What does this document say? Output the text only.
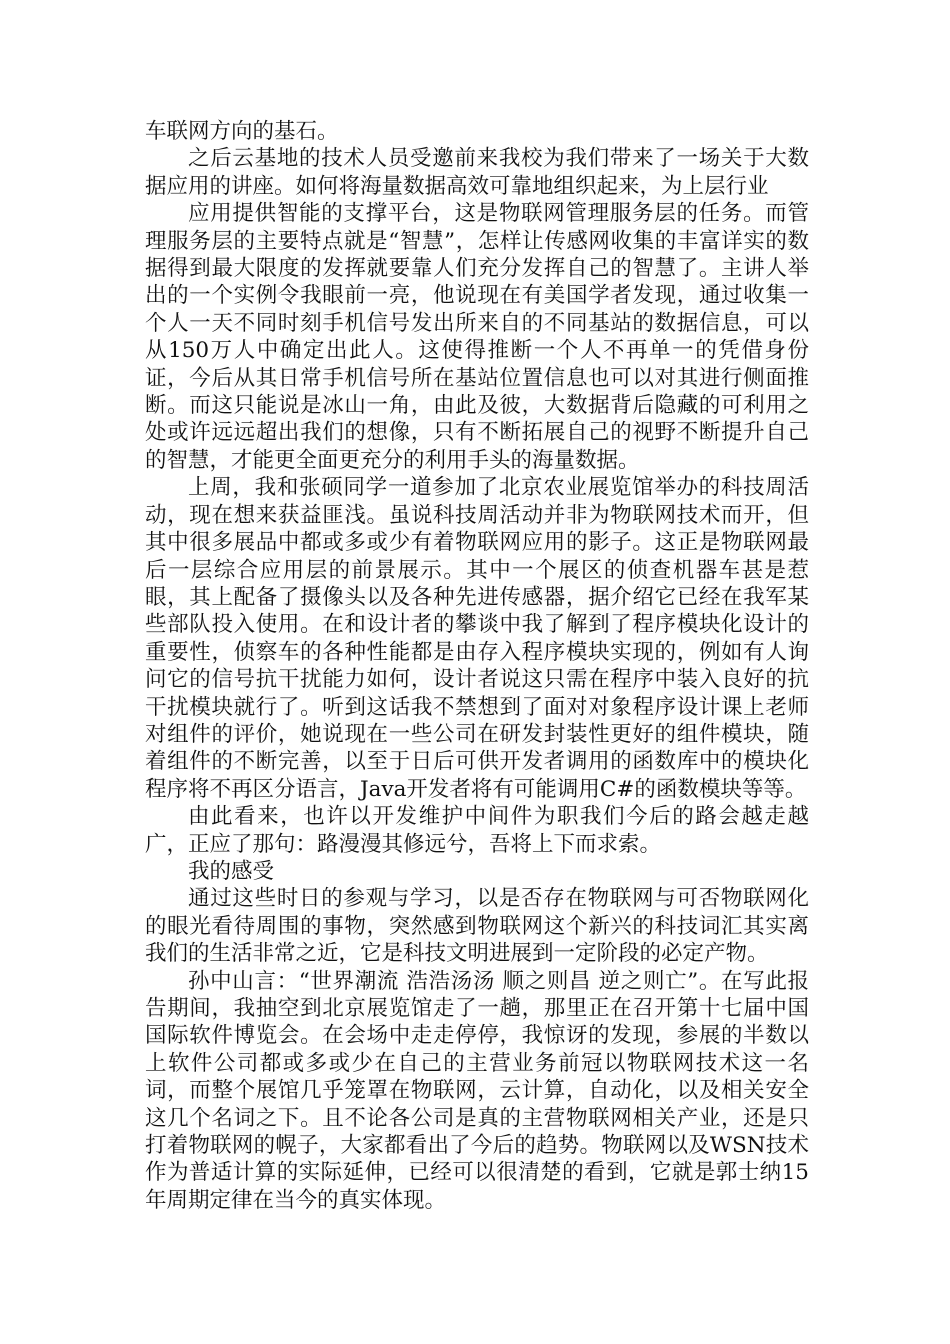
车联网方向的基石。

之后云基地的技术人员受邀前来我校为我们带来了一场关于大数据应用的讲座。如何将海量数据高效可靠地组织起来，为上层行业

应用提供智能的支撑平台，这是物联网管理服务层的任务。而管理服务层的主要特点就是“智慧”，怎样让传感网收集的丰富详实的数据得到最大限度的发挥就要靠人们充分发挥自己的智慧了。主讲人举出的一个实例令我眼前一亮，他说现在有美国学者发现，通过收集一个人一天不同时刻手机信号发出所来自的不同基站的数据信息，可以从150万人中确定出此人。这使得推断一个人不再单一的凭借身份证，今后从其日常手机信号所在基站位置信息也可以对其进行侧面推断。而这只能说是冰山一角，由此及彼，大数据背后隐藏的可利用之处或许远远超出我们的想像，只有不断拓展自己的视野不断提升自己的智慧，才能更全面更充分的利用手头的海量数据。

上周，我和张硕同学一道参加了北京农业展览馆举办的科技周活动，现在想来获益匪浅。虽说科技周活动并非为物联网技术而开，但其中很多展品中都或多或少有着物联网应用的影子。这正是物联网最后一层综合应用层的前景展示。其中一个展区的侦查机器车甚是惹眼，其上配备了摄像头以及各种先进传感器，据介绍它已经在我军某些部队投入使用。在和设计者的攀谈中我了解到了程序模块化设计的重要性，侦察车的各种性能都是由存入程序模块实现的，例如有人询问它的信号抗干扰能力如何，设计者说这只需在程序中装入良好的抗干扰模块就行了。听到这话我不禁想到了面对对象程序设计课上老师对组件的评价，她说现在一些公司在研发封装性更好的组件模块，随着组件的不断完善，以至于日后可供开发者调用的函数库中的模块化程序将不再区分语言，Java开发者将有可能调用C#的函数模块等等。

由此看来，也许以开发维护中间件为职我们今后的路会越走越广，正应了那句：路漫漫其修远兮，吾将上下而求索。

我的感受

通过这些时日的参观与学习，以是否存在物联网与可否物联网化的眼光看待周围的事物，突然感到物联网这个新兴的科技词汇其实离我们的生活非常之近，它是科技文明进展到一定阶段的必定产物。

孙中山言：“世界潮流 浩浩汤汤 顺之则昌 逆之则亡”。在写此报告期间，我抽空到北京展览馆走了一趟，那里正在召开第十七届中国国际软件博览会。在会场中走走停停，我惊讶的发现，参展的半数以上软件公司都或多或少在自己的主营业务前冠以物联网技术这一名词，而整个展馆几乎笼罩在物联网，云计算，自动化，以及相关安全这几个名词之下。且不论各公司是真的主营物联网相关产业，还是只打着物联网的幌子，大家都看出了今后的趋势。物联网以及WSN技术作为普适计算的实际延伸，已经可以很清楚的看到，它就是郭士纳15年周期定律在当今的真实体现。
